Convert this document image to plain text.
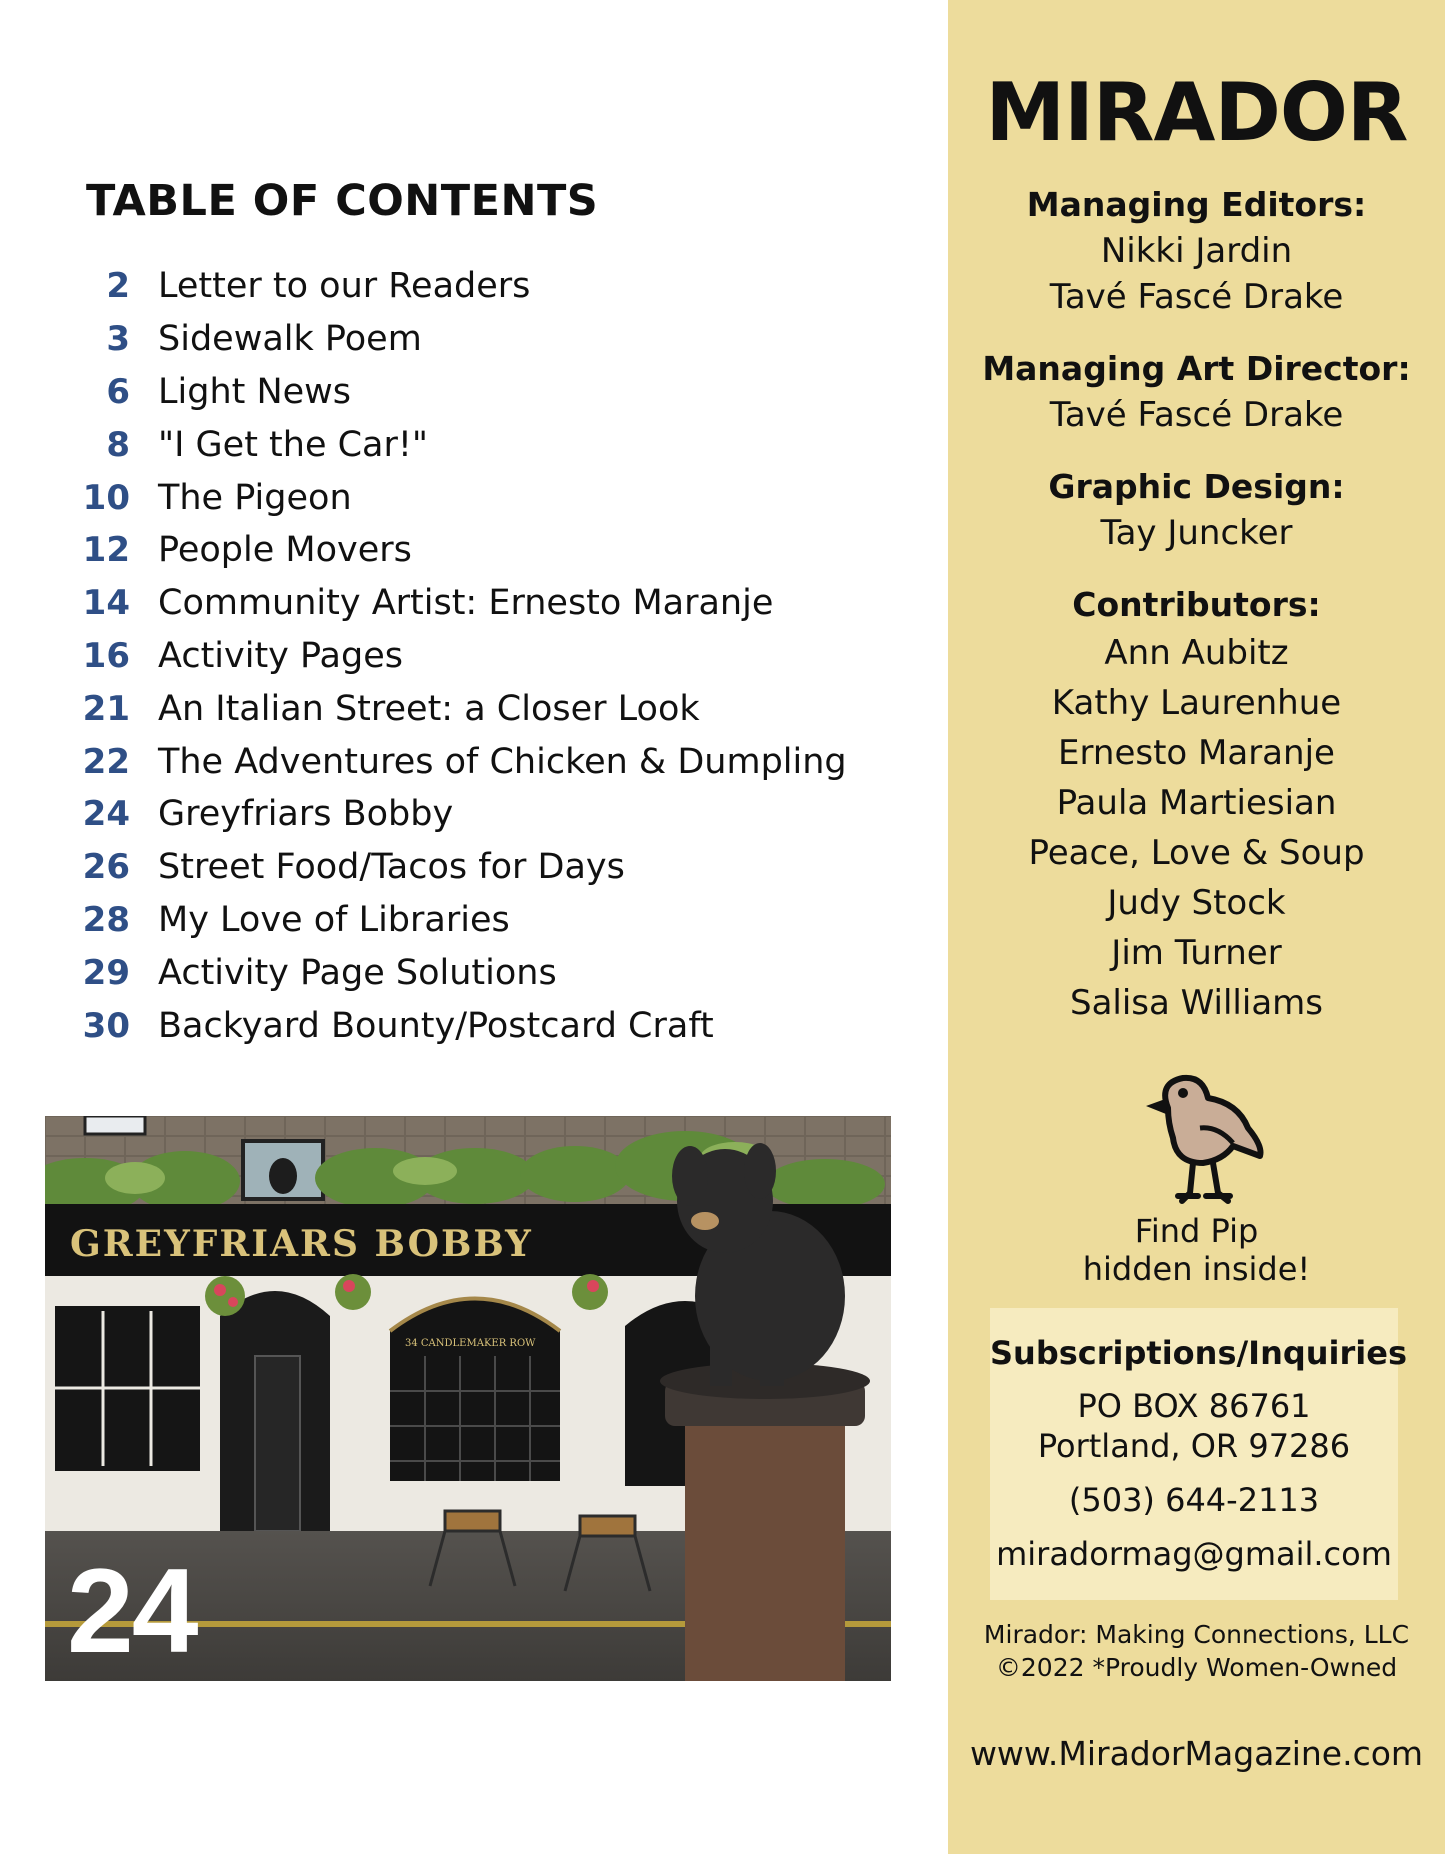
TABLE OF CONTENTS
2 Letter to our Readers
3 Sidewalk Poem
6 Light News
8 "I Get the Car!"
10 The Pigeon
12 People Movers
14 Community Artist: Ernesto Maranje
16 Activity Pages
21 An Italian Street: a Closer Look
22 The Adventures of Chicken & Dumpling
24 Greyfriars Bobby
26 Street Food/Tacos for Days
28 My Love of Libraries
29 Activity Page Solutions
30 Backyard Bounty/Postcard Craft
GREYFRIARS BOBBY
34 CANDLEMAKER ROW
24
MIRADOR
Managing Editors:
Nikki Jardin
Tavé Fascé Drake
Managing Art Director:
Tavé Fascé Drake
Graphic Design:
Tay Juncker
Contributors:
Ann Aubitz
Kathy Laurenhue
Ernesto Maranje
Paula Martiesian
Peace, Love & Soup
Judy Stock
Jim Turner
Salisa Williams
Find Pip
hidden inside!
Subscriptions/Inquiries
PO BOX 86761
Portland, OR 97286
(503) 644-2113
miradormag@gmail.com
Mirador: Making Connections, LLC
©2022 *Proudly Women-Owned
www.MiradorMagazine.com
